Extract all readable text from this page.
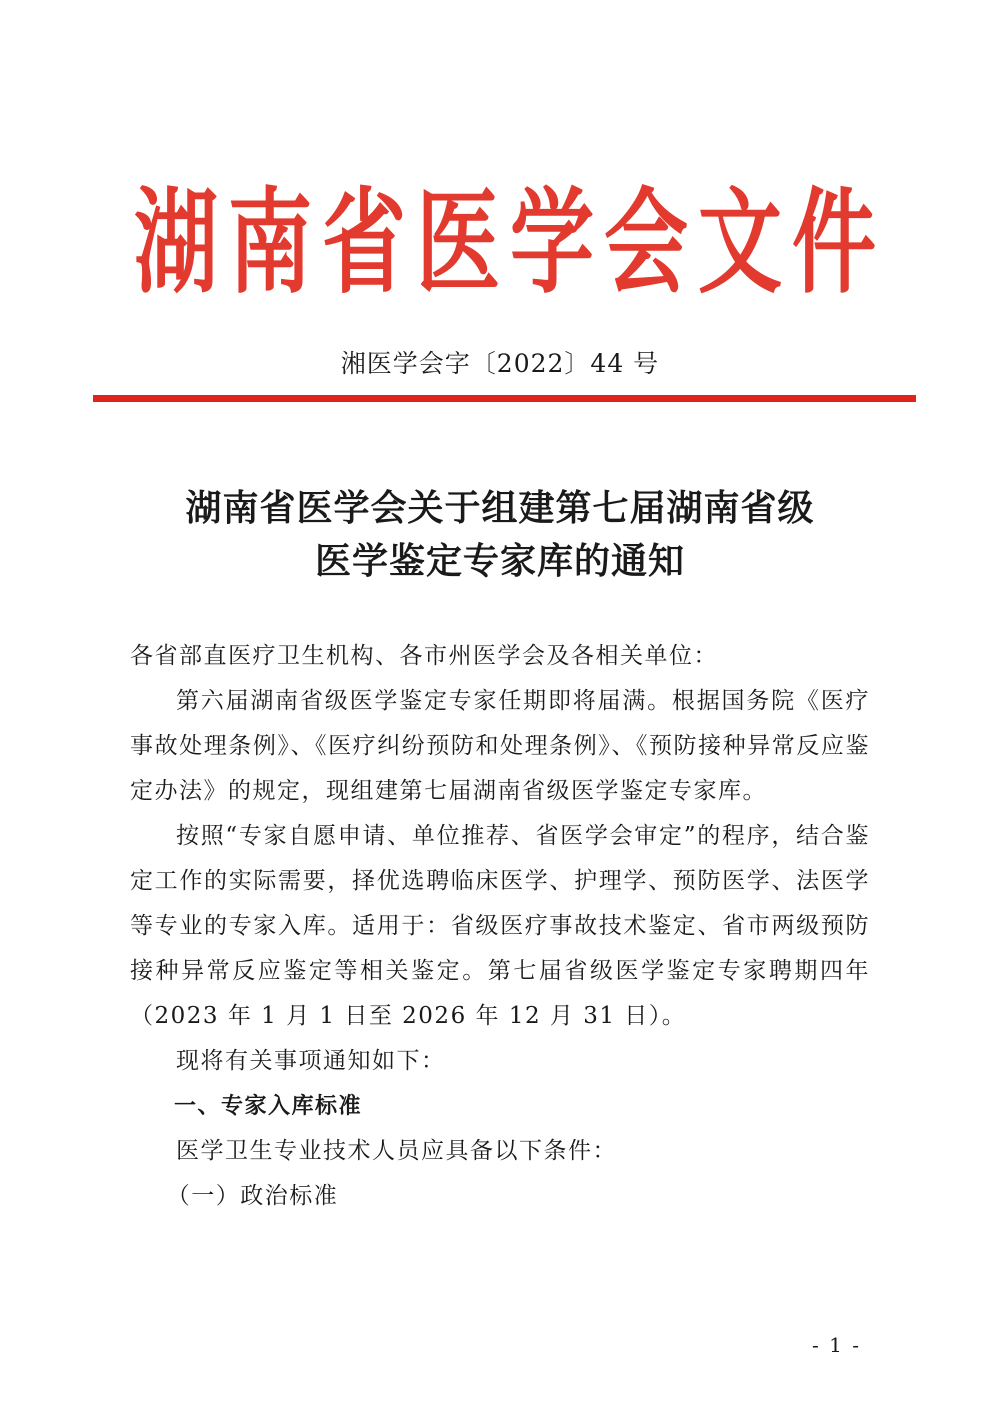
湖 南 省 医 学 会 文 件
湘医学会字〔2022〕44 号
湖南省医学会关于组建第七届湖南省级
医学鉴定专家库的通知

各省部直医疗卫生机构、各市州医学会及各相关单位：

第六届湖南省级医学鉴定专家任期即将届满。根据国务院《医疗事故处理条例》、《医疗纠纷预防和处理条例》、《预防接种异常反应鉴定办法》的规定，现组建第七届湖南省级医学鉴定专家库。

按照“专家自愿申请、单位推荐、省医学会审定”的程序，结合鉴定工作的实际需要，择优选聘临床医学、护理学、预防医学、法医学等专业的专家入库。适用于：省级医疗事故技术鉴定、省市两级预防接种异常反应鉴定等相关鉴定。第七届省级医学鉴定专家聘期四年（2023 年 1 月 1 日至 2026 年 12 月 31 日）。

现将有关事项通知如下：

一、专家入库标准

医学卫生专业技术人员应具备以下条件：

（一）政治标准

- 1 -
